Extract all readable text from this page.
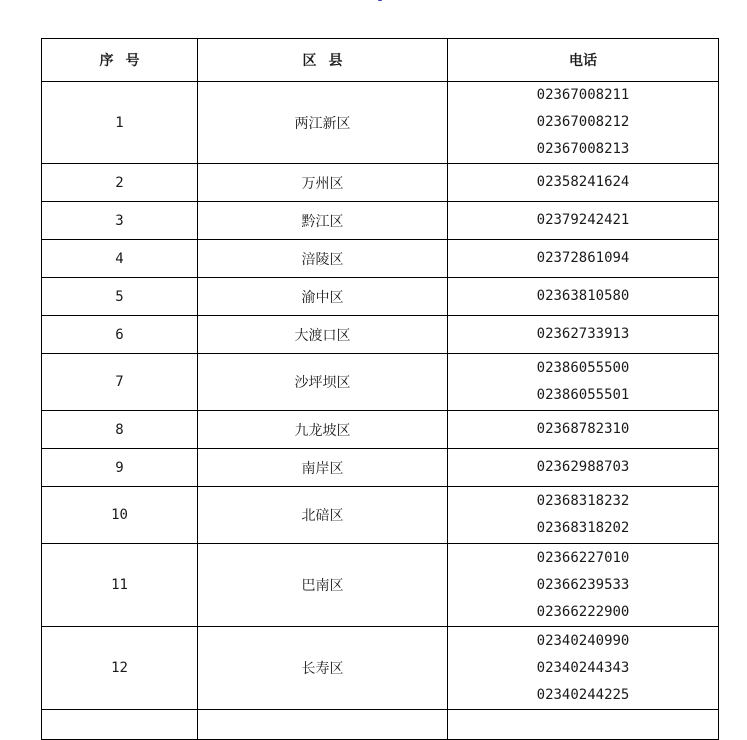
序号	区县	电话
1	两江新区	02367008211
02367008212
02367008213

2	万州区	02358241624

3	黔江区	02379242421

4	涪陵区	02372861094

5	渝中区	02363810580

6	大渡口区	02362733913

7	沙坪坝区	02386055500
02386055501

8	九龙坡区	02368782310

9	南岸区	02362988703

10	北碚区	02368318232
02368318202

11	巴南区	02366227010
02366239533
02366222900

12	长寿区	02340240990
02340244343
02340244225
